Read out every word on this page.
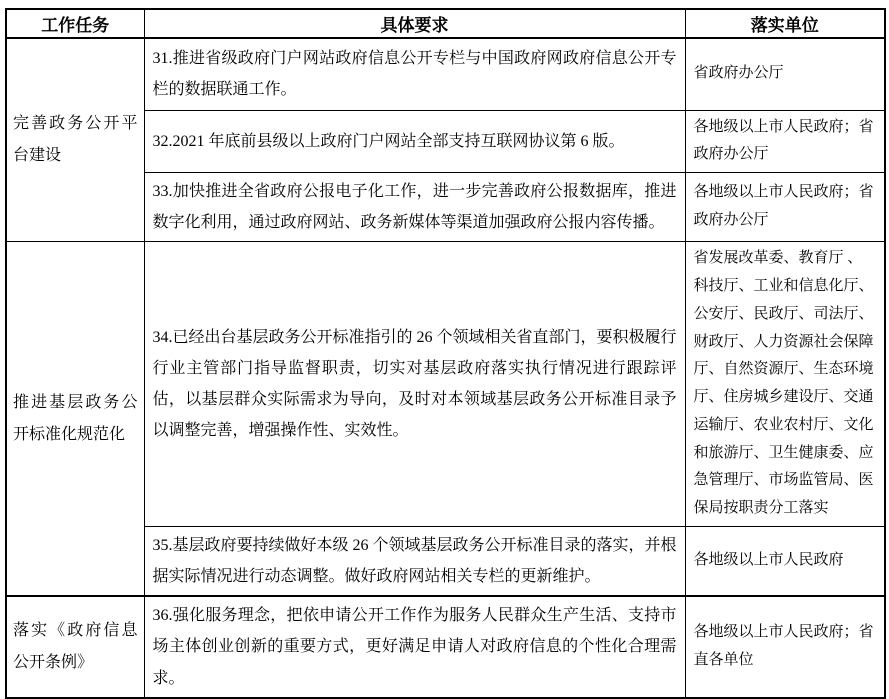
工作任务	具体要求	落实单位
完善政务公开平台建设	31.推进省级政府门户网站政府信息公开专栏与中国政府网政府信息公开专栏的数据联通工作。	省政府办公厅
	32.2021 年底前县级以上政府门户网站全部支持互联网协议第 6 版。	各地级以上市人民政府；省政府办公厅
	33.加快推进全省政府公报电子化工作，进一步完善政府公报数据库，推进数字化利用，通过政府网站、政务新媒体等渠道加强政府公报内容传播。	各地级以上市人民政府；省政府办公厅
推进基层政务公开标准化规范化	34.已经出台基层政务公开标准指引的 26 个领域相关省直部门，要积极履行行业主管部门指导监督职责，切实对基层政府落实执行情况进行跟踪评估，以基层群众实际需求为导向，及时对本领域基层政务公开标准目录予以调整完善，增强操作性、实效性。	省发展改革委、教育厅 、科技厅、工业和信息化厅、公安厅、民政厅、司法厅、财政厅、人力资源社会保障厅、自然资源厅、生态环境厅、住房城乡建设厅、交通运输厅、农业农村厅、文化和旅游厅、卫生健康委、应急管理厅、市场监管局、医保局按职责分工落实
	35.基层政府要持续做好本级 26 个领域基层政务公开标准目录的落实，并根据实际情况进行动态调整。做好政府网站相关专栏的更新维护。	各地级以上市人民政府
落实《政府信息公开条例》	36.强化服务理念，把依申请公开工作作为服务人民群众生产生活、支持市场主体创业创新的重要方式，更好满足申请人对政府信息的个性化合理需求。	各地级以上市人民政府；省直各单位
